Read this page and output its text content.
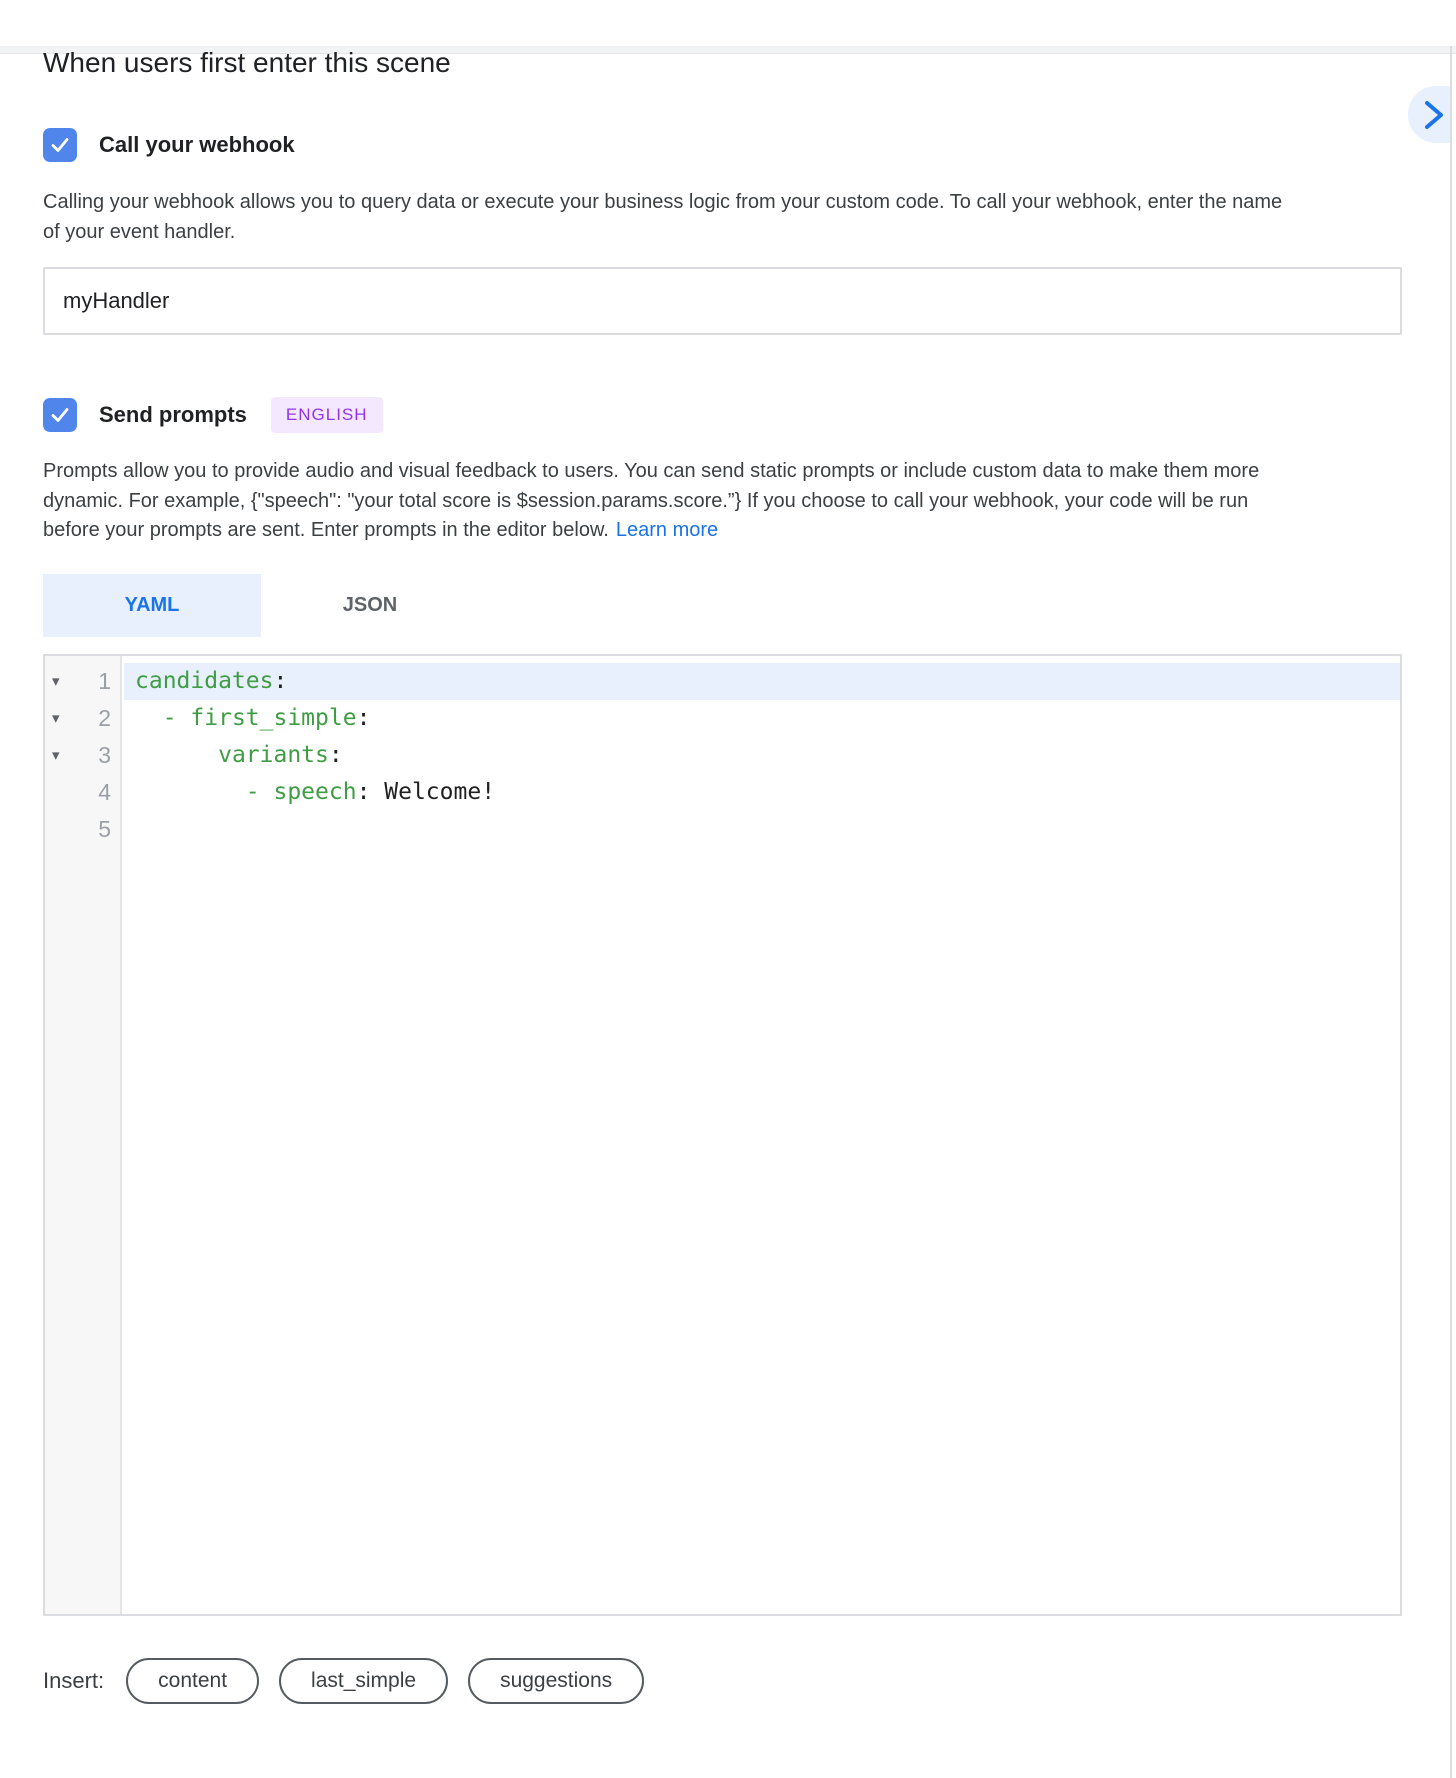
When users first enter this scene
Call your webhook

Calling your webhook allows you to query data or execute your business logic from your custom code. To call your webhook, enter the name of your event handler.

myHandler
Send prompts	ENGLISH

Prompts allow you to provide audio and visual feedback to users. You can send static prompts or include custom data to make them more dynamic. For example, {"speech": "your total score is $session.params.score.”} If you choose to call your webhook, your code will be run before your prompts are sent. Enter prompts in the editor below. Learn more

YAML	JSON
▾	1	candidates :
▾	2
	- first_simple :
▾	3
	variants :
4
	- speech : Welcome!
5
Insert:	content	last_simple	suggestions
